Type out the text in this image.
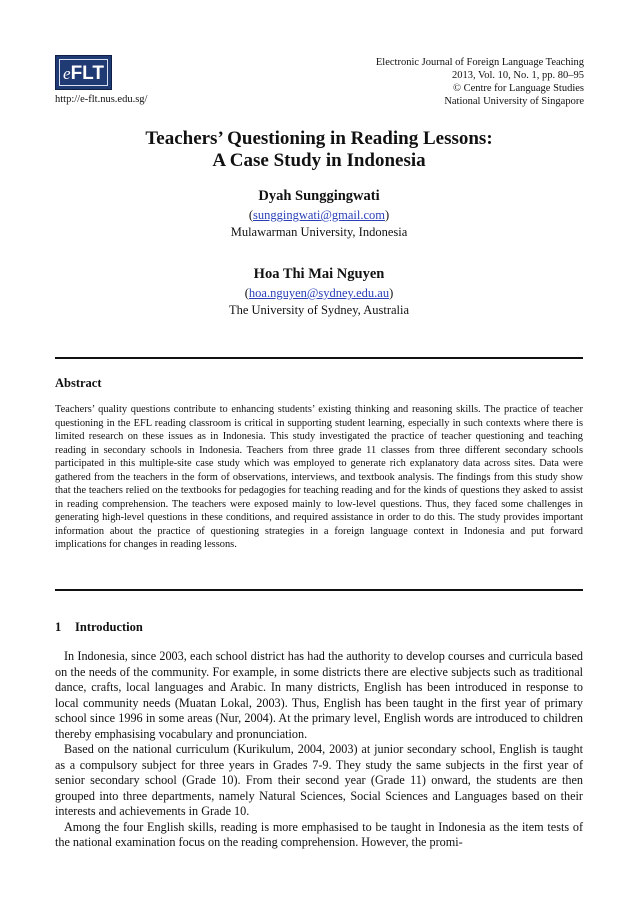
eFLT
http://e-flt.nus.edu.sg/
Electronic Journal of Foreign Language Teaching
2013, Vol. 10, No. 1, pp. 80–95
© Centre for Language Studies
National University of Singapore
Teachers’ Questioning in Reading Lessons:
A Case Study in Indonesia
Dyah Sunggingwati
(sunggingwati@gmail.com)
Mulawarman University, Indonesia
Hoa Thi Mai Nguyen
(hoa.nguyen@sydney.edu.au)
The University of Sydney, Australia
Abstract
Teachers’ quality questions contribute to enhancing students’ existing thinking and reasoning skills. The practice of teacher questioning in the EFL reading classroom is critical in supporting student learning, especially in such contexts where there is limited research on these issues as in Indonesia. This study investigated the practice of teacher questioning and teaching reading in secondary schools in Indonesia. Teachers from three grade 11 classes from three different secondary schools participated in this multiple-site case study which was employed to generate rich explanatory data across sites. Data were gathered from the teachers in the form of observations, interviews, and textbook analysis. The findings from this study show that the teachers relied on the textbooks for pedagogies for teaching reading and for the kinds of questions they asked to assist in reading comprehension. The teachers were exposed mainly to low-level questions. Thus, they faced some challenges in generating high-level questions in these conditions, and required assistance in order to do this. The study provides important information about the practice of questioning strategies in a foreign language context in Indonesia and put forward implications for changes in reading lessons.
1 Introduction

In Indonesia, since 2003, each school district has had the authority to develop courses and curricula based on the needs of the community. For example, in some districts there are elective subjects such as traditional dance, crafts, local languages and Arabic. In many districts, English has been introduced in response to local community needs (Muatan Lokal, 2003). Thus, English has been taught in the first year of primary school since 1996 in some areas (Nur, 2004). At the primary level, English words are introduced to children thereby emphasising vocabulary and pronunciation.

Based on the national curriculum (Kurikulum, 2004, 2003) at junior secondary school, English is taught as a compulsory subject for three years in Grades 7-9. They study the same subjects in the first year of senior secondary school (Grade 10). From their second year (Grade 11) onward, the students are then grouped into three departments, namely Natural Sciences, Social Sciences and Languages based on their interests and achievements in Grade 10.

Among the four English skills, reading is more emphasised to be taught in Indonesia as the item tests of the national examination focus on the reading comprehension. However, the promi-
